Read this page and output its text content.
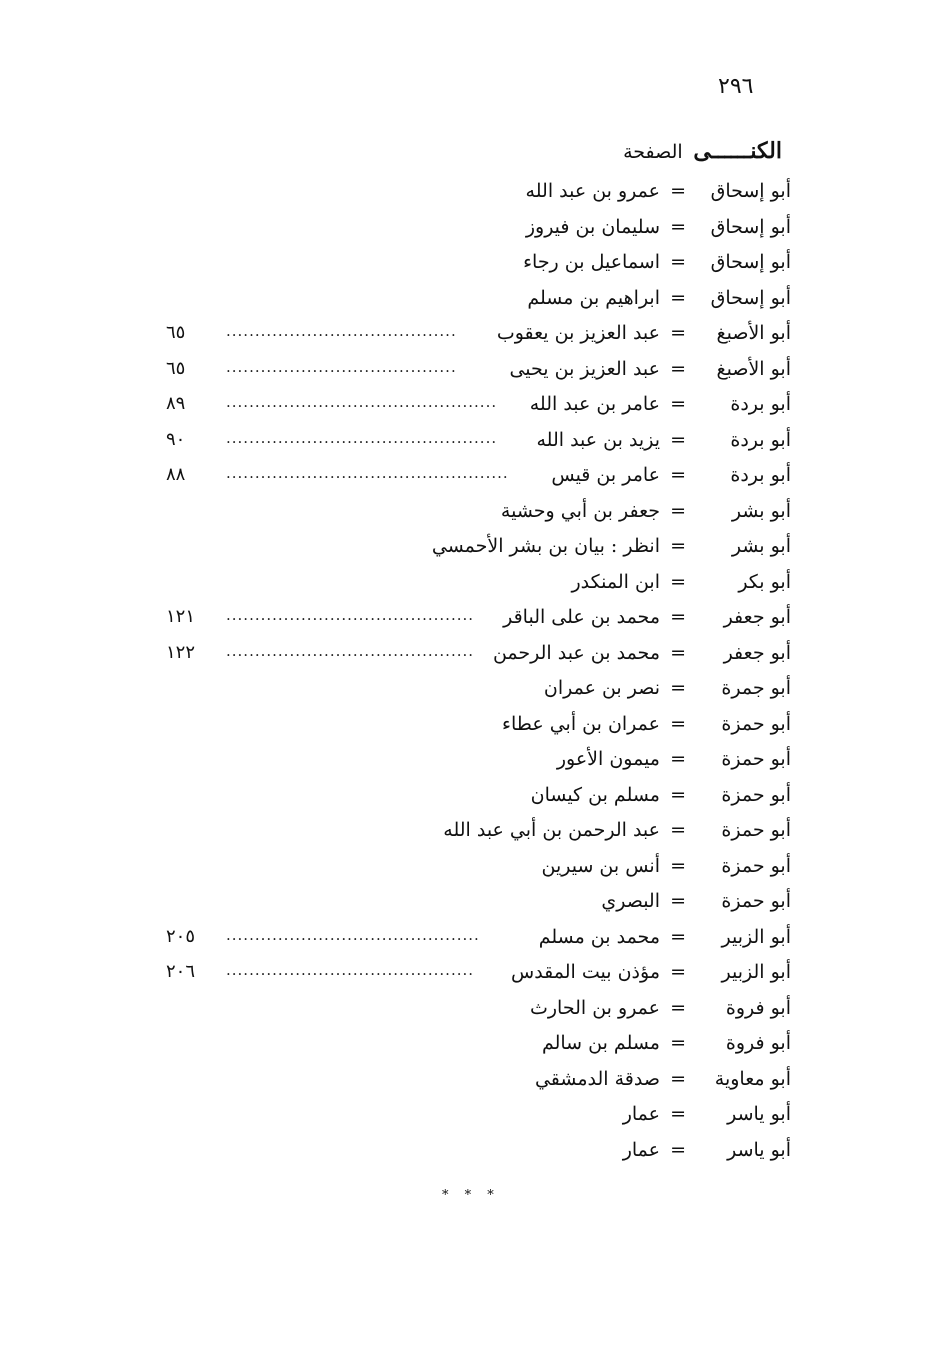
٢٩٦
الكنــــــى الصفحة
أبو إسحاق
=
عمرو بن عبد الله
أبو إسحاق
=
سليمان بن فيروز
أبو إسحاق
=
اسماعيل بن رجاء
أبو إسحاق
=
ابراهيم بن مسلم
أبو الأصبغ
=
عبد العزيز بن يعقوب
........................................
٦٥
أبو الأصبغ
=
عبد العزيز بن يحيى
........................................
٦٥
أبو بردة
=
عامر بن عبد الله
...............................................
٨٩
أبو بردة
=
يزيد بن عبد الله
...............................................
٩٠
أبو بردة
=
عامر بن قيس
.................................................
٨٨
أبو بشر
=
جعفر بن أبي وحشية
أبو بشر
=
انظر : بيان بن بشر الأحمسي
أبو بكر
=
ابن المنكدر
أبو جعفر
=
محمد بن على الباقر
...........................................
١٢١
أبو جعفر
=
محمد بن عبد الرحمن
...........................................
١٢٢
أبو جمرة
=
نصر بن عمران
أبو حمزة
=
عمران بن أبي عطاء
أبو حمزة
=
ميمون الأعور
أبو حمزة
=
مسلم بن كيسان
أبو حمزة
=
عبد الرحمن بن أبي عبد الله
أبو حمزة
=
أنس بن سيرين
أبو حمزة
=
البصري
أبو الزبير
=
محمد بن مسلم
............................................
٢٠٥
أبو الزبير
=
مؤذن بيت المقدس
...........................................
٢٠٦
أبو فروة
=
عمرو بن الحارث
أبو فروة
=
مسلم بن سالم
أبو معاوية
=
صدقة الدمشقي
أبو ياسر
=
عمار
أبو ياسر
=
عمار
* * *
